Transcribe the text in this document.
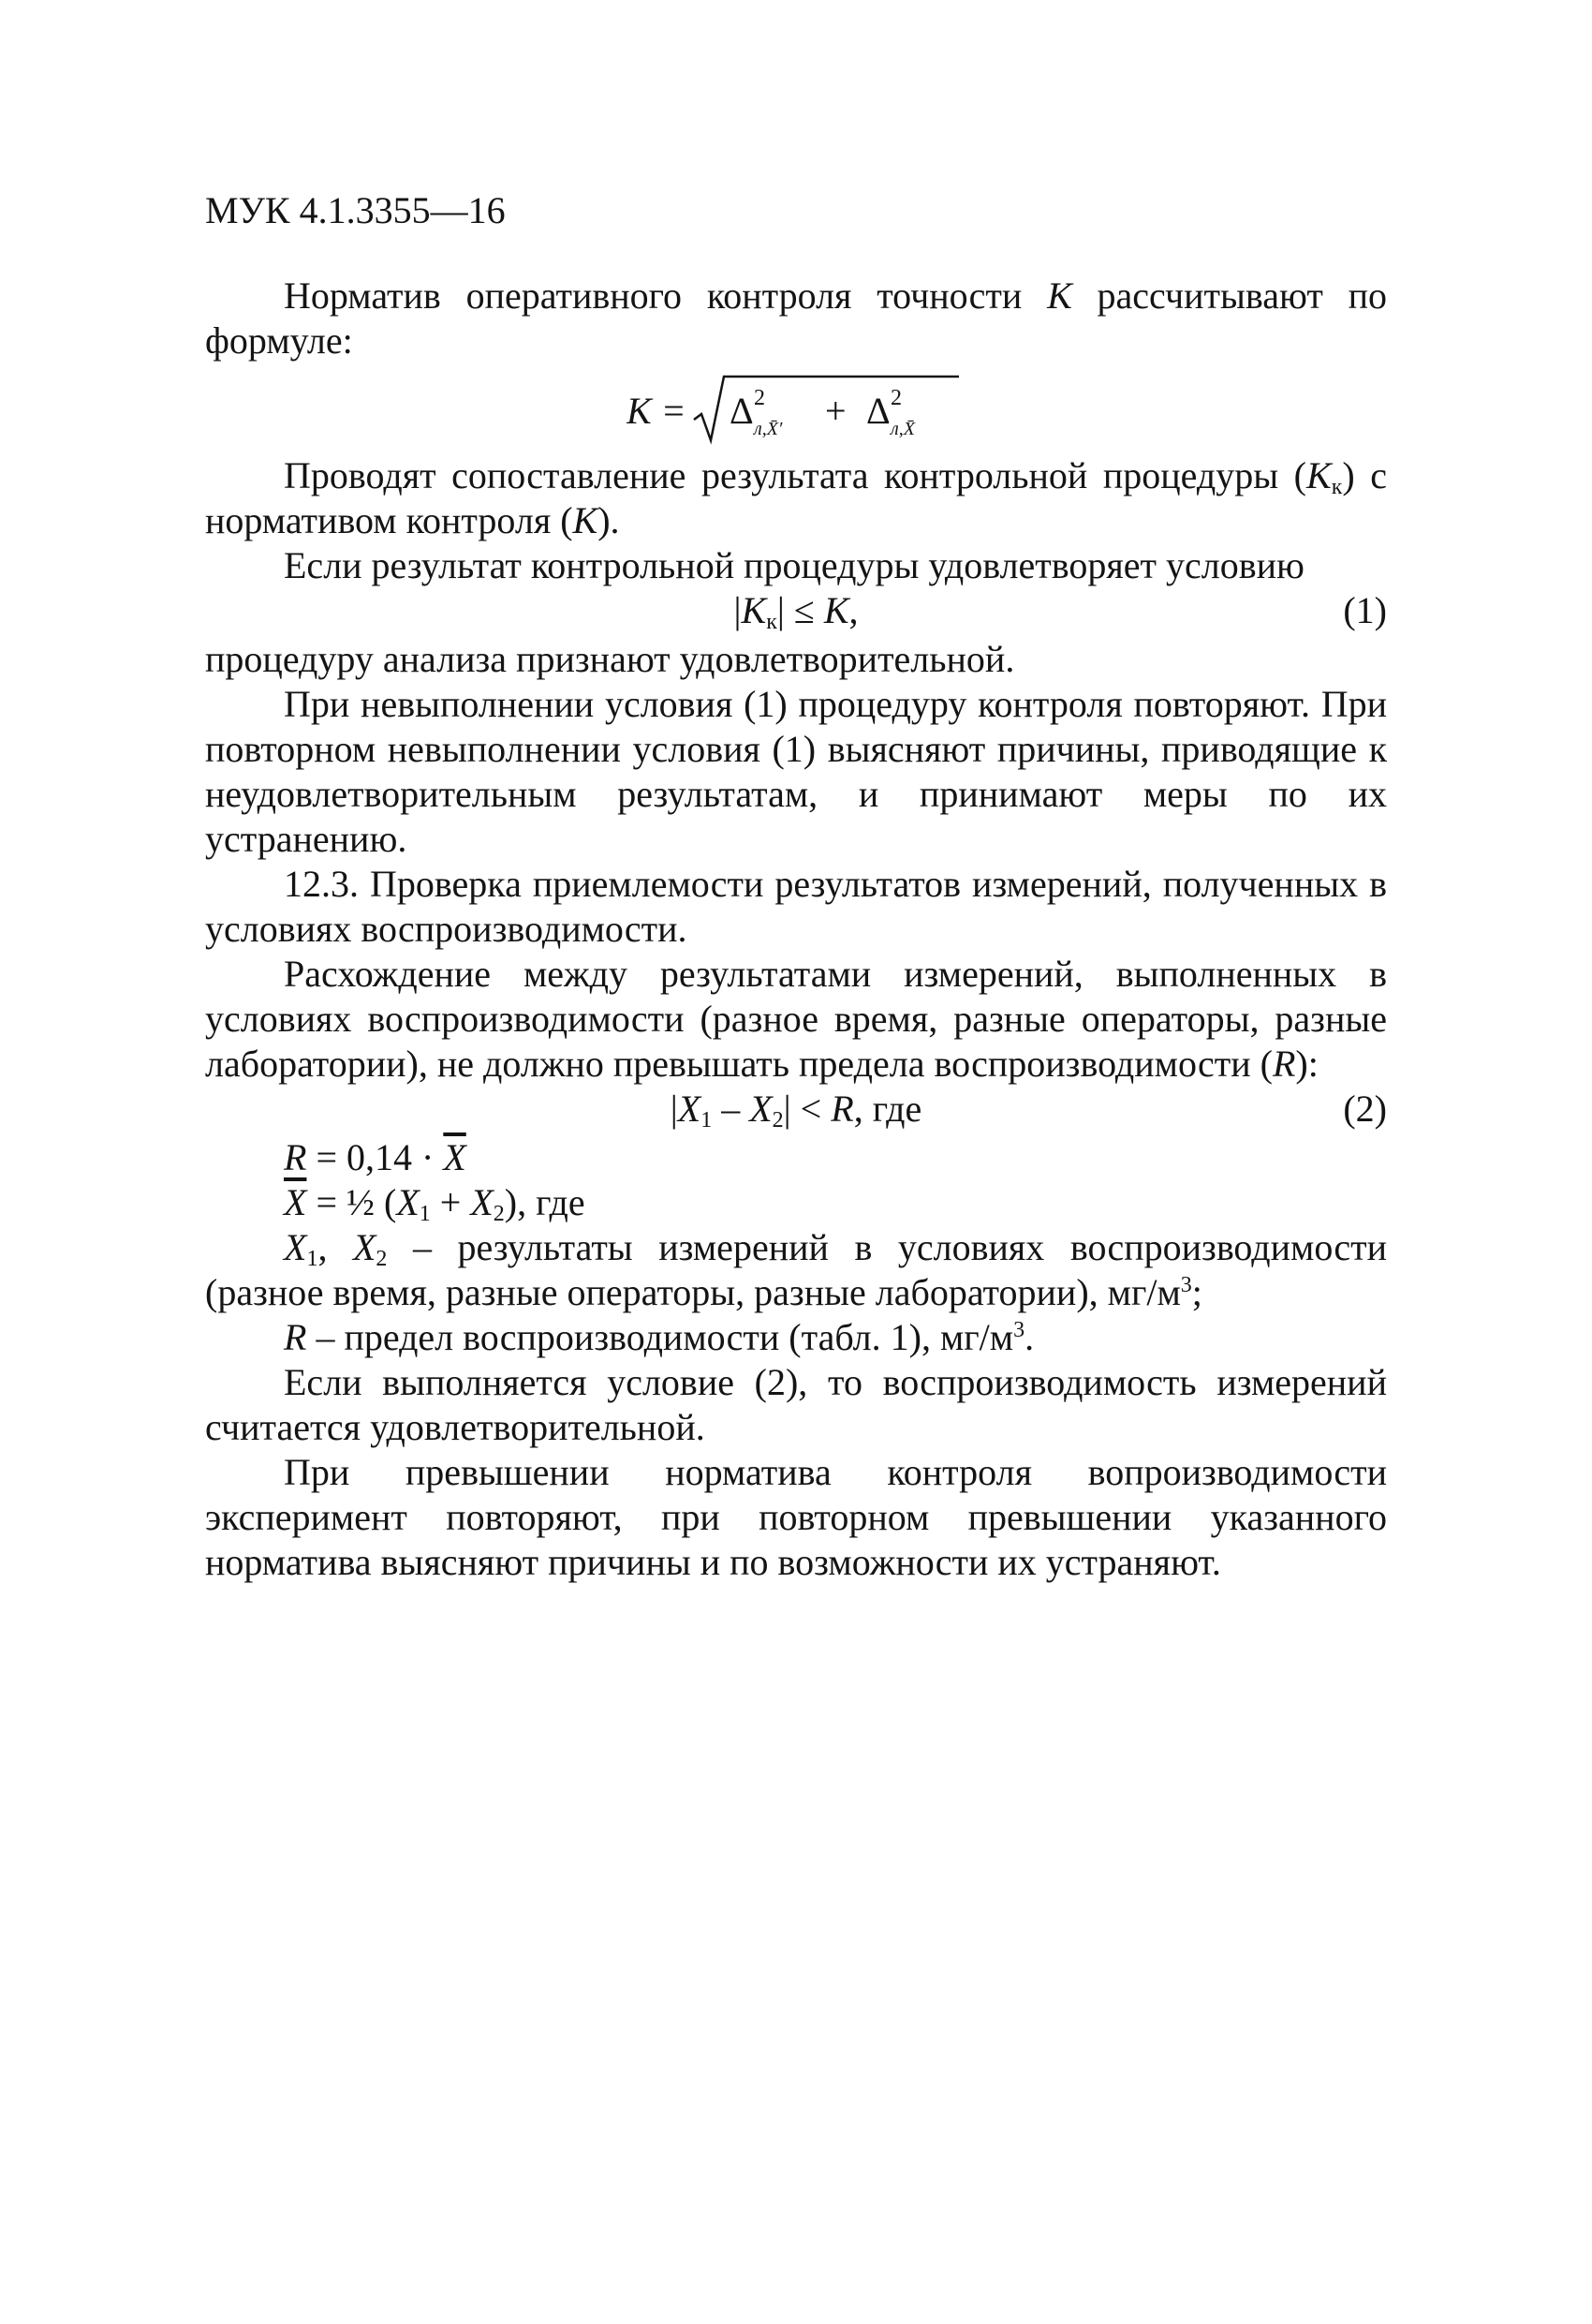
МУК 4.1.3355—16

Норматив оперативного контроля точности K рассчитывают по формуле:

K = Δ 2
л,X̄′ + Δ 2
л,X̄

Проводят сопоставление результата контрольной процедуры $(K_к)$ с нормативом контроля (K).

Если результат контрольной процедуры удовлетворяет условию

$|K_к| \le K$,	(1)

процедуру анализа признают удовлетворительной.

При невыполнении условия (1) процедуру контроля повторяют. При повторном невыполнении условия (1) выясняют причины, приводящие к неудовлетворительным результатам, и принимают меры по их устранению.

12.3. Проверка приемлемости результатов измерений, полученных в условиях воспроизводимости.

Расхождение между результатами измерений, выполненных в условиях воспроизводимости (разное время, разные операторы, разные лаборатории), не должно превышать предела воспроизводимости (R):

$|X_1 - X_2| < R$, где	(2)
$R = 0,14 \cdot \overline{X}$
$\overline{X}$ = ½ $(X_1 + X_2)$, где

$X_1$, $X_2$ – результаты измерений в условиях воспроизводимости (разное время, разные операторы, разные лаборатории), $мг/м^3$;

R – предел воспроизводимости (табл. 1), $мг/м^3$.

Если выполняется условие (2), то воспроизводимость измерений считается удовлетворительной.

При превышении норматива контроля вопроизводимости эксперимент повторяют, при повторном превышении указанного норматива выясняют причины и по возможности их устраняют.
